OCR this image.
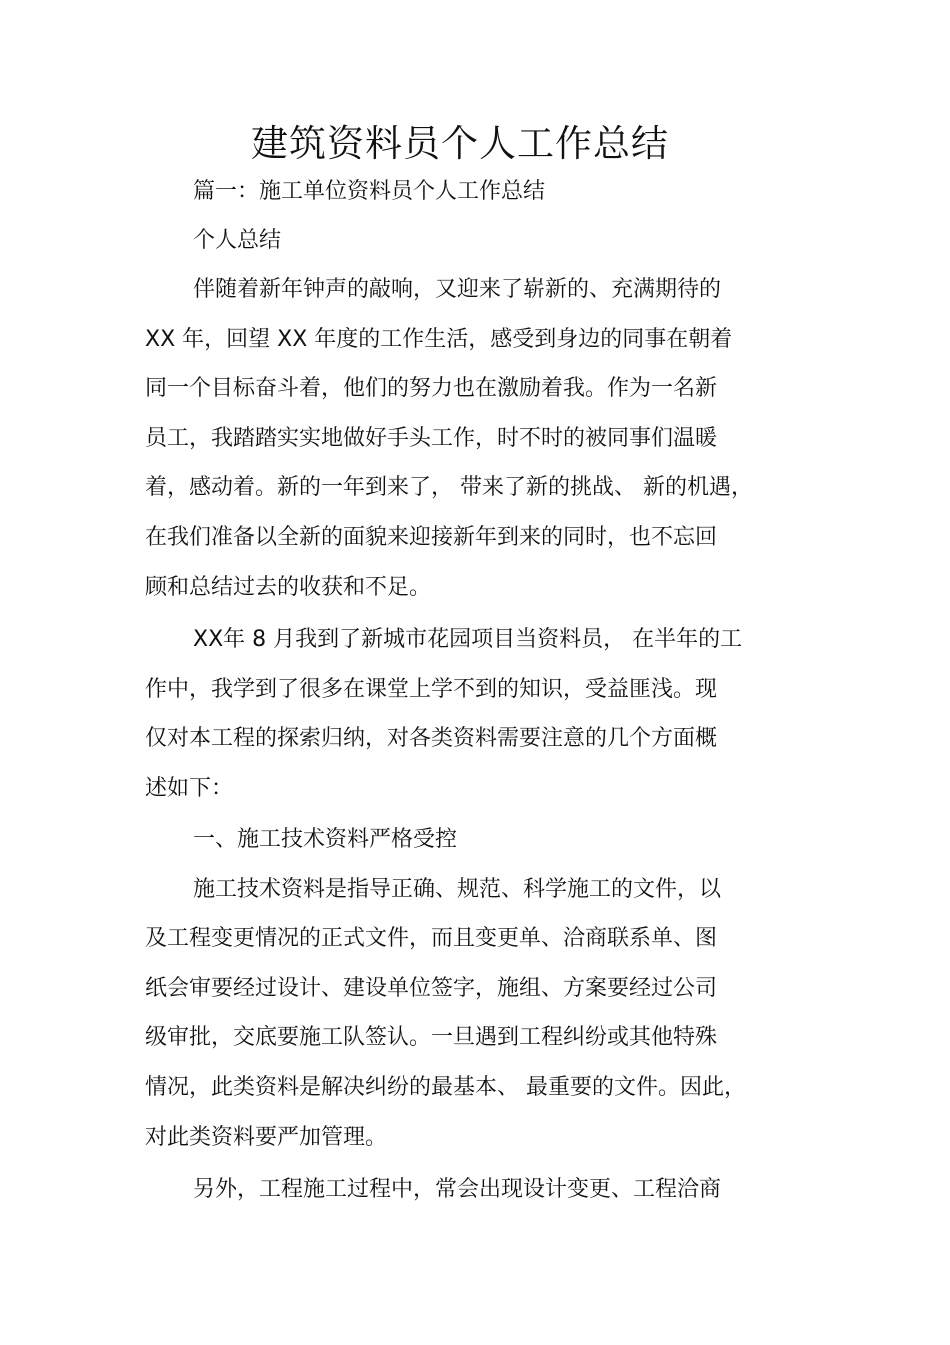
建筑资料员个人工作总结

篇一：施工单位资料员个人工作总结

个人总结

伴随着新年钟声的敲响，又迎来了崭新的、充满期待的

XX 年，回望 XX 年度的工作生活，感受到身边的同事在朝着

同一个目标奋斗着，他们的努力也在激励着我。作为一名新

员工，我踏踏实实地做好手头工作，时不时的被同事们温暖

着，感动着。新的一年到来了， 带来了新的挑战、 新的机遇，

在我们准备以全新的面貌来迎接新年到来的同时，也不忘回

顾和总结过去的收获和不足。

XX年 8 月我到了新城市花园项目当资料员， 在半年的工

作中，我学到了很多在课堂上学不到的知识，受益匪浅。现

仅对本工程的探索归纳，对各类资料需要注意的几个方面概

述如下：

一、施工技术资料严格受控

施工技术资料是指导正确、规范、科学施工的文件，以

及工程变更情况的正式文件，而且变更单、洽商联系单、图

纸会审要经过设计、建设单位签字，施组、方案要经过公司

级审批，交底要施工队签认。一旦遇到工程纠纷或其他特殊

情况，此类资料是解决纠纷的最基本、 最重要的文件。因此，

对此类资料要严加管理。

另外，工程施工过程中，常会出现设计变更、工程洽商
